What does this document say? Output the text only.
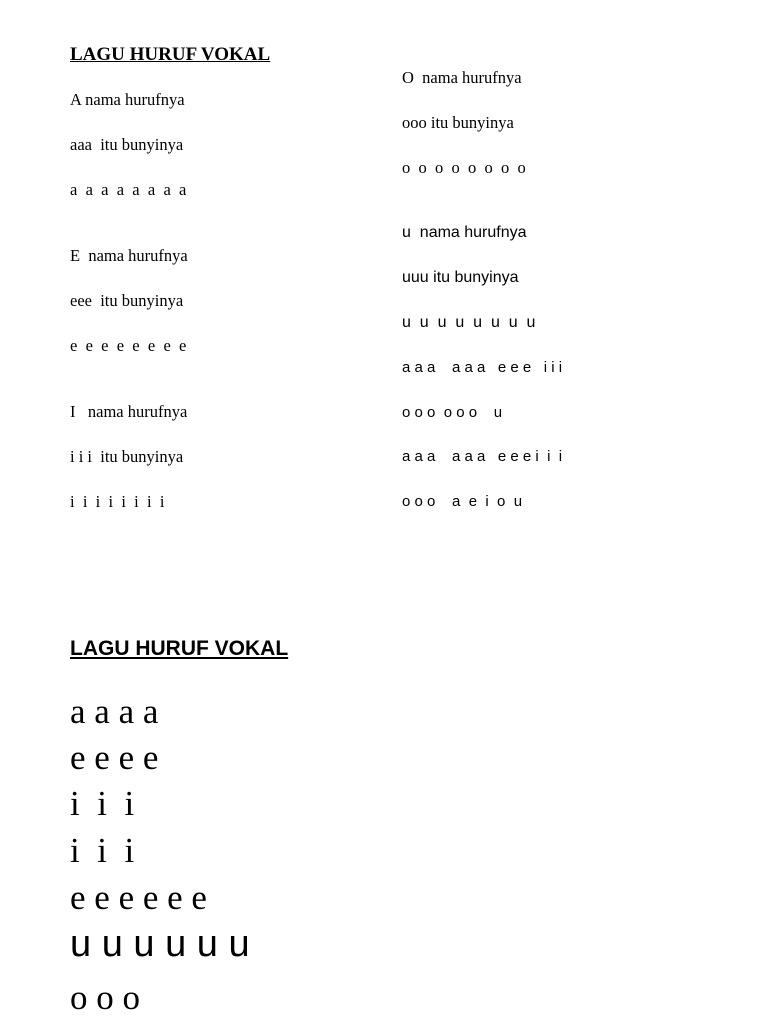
LAGU HURUF VOKAL
A nama hurufnya
aaa  itu bunyinya
a  a  a  a  a  a  a  a
E  nama hurufnya
eee  itu bunyinya
e  e  e  e  e  e  e  e
I   nama hurufnya
i i i  itu bunyinya
i  i  i  i  i  i  i  i
O  nama hurufnya
ooo itu bunyinya
o  o  o  o  o  o  o  o
u  nama hurufnya
uuu itu bunyinya
u  u  u  u  u  u  u  u
a a a    a a a   e e e   i i i
o o o  o o o    u
a a a    a a a   e e e i  i  i
o o o    a  e  i  o  u
LAGU HURUF VOKAL
a a a a
e e e e
i  i  i
i  i  i
e e e e e e
u u u u u u
o o o
